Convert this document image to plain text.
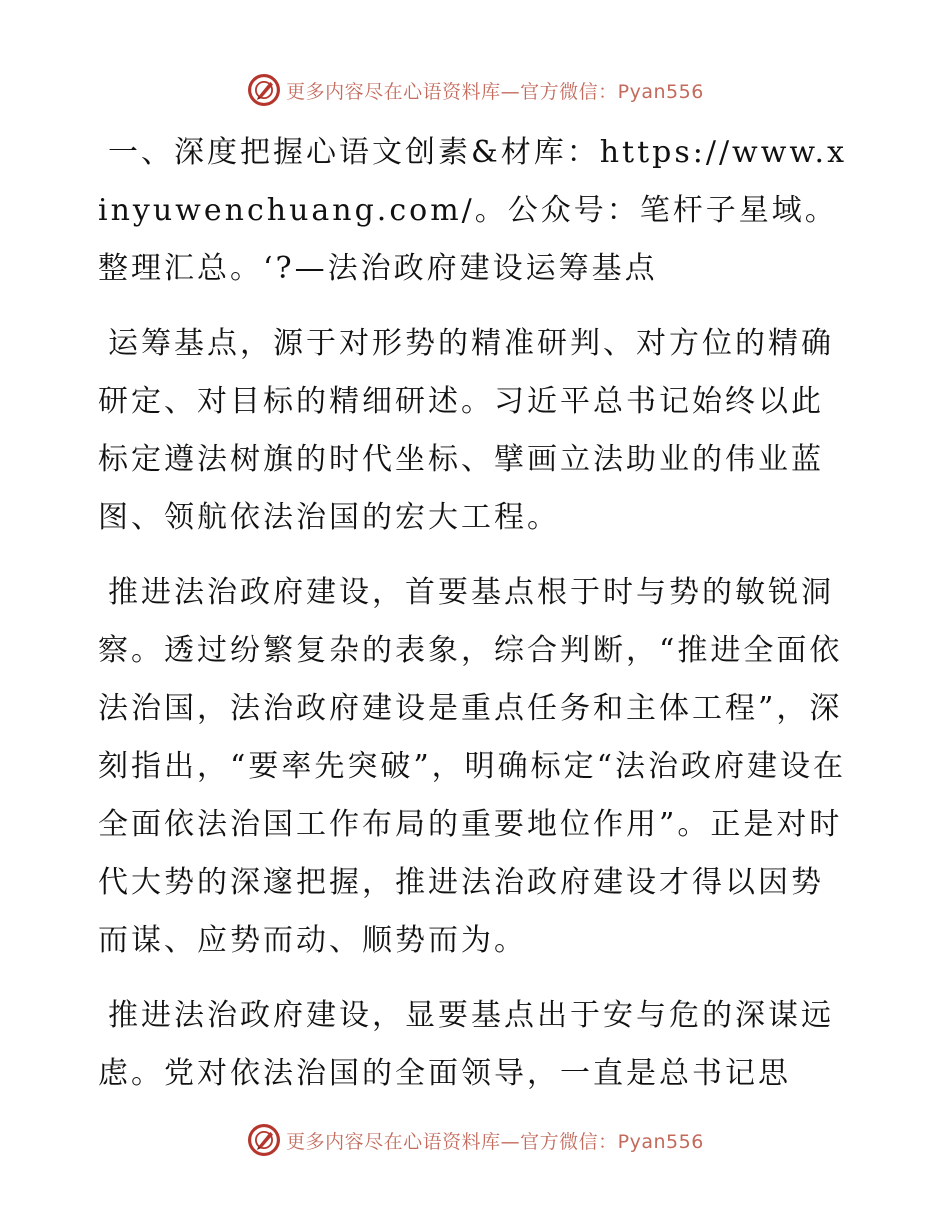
更多内容尽在心语资料库—官方微信：Pyan556

一、深度把握心语文创素&材库：https://www.xinyuwenchuang.com/。公众号：笔杆子星域。整理汇总。‘?—法治政府建设运筹基点

运筹基点，源于对形势的精准研判、对方位的精确研定、对目标的精细研述。习近平总书记始终以此标定遵法树旗的时代坐标、擘画立法助业的伟业蓝图、领航依法治国的宏大工程。

推进法治政府建设，首要基点根于时与势的敏锐洞察。透过纷繁复杂的表象，综合判断，“推进全面依法治国，法治政府建设是重点任务和主体工程”，深刻指出，“要率先突破”，明确标定“法治政府建设在全面依法治国工作布局的重要地位作用”。正是对时代大势的深邃把握，推进法治政府建设才得以因势而谋、应势而动、顺势而为。

推进法治政府建设，显要基点出于安与危的深谋远虑。党对依法治国的全面领导，一直是总书记思

更多内容尽在心语资料库—官方微信：Pyan556
